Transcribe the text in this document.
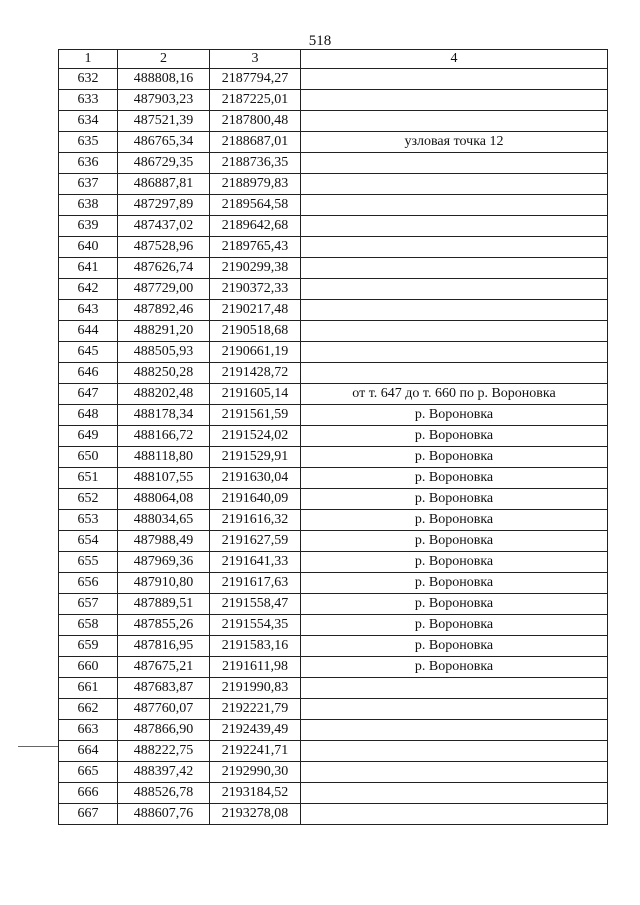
518
1	2	3	4
632	488808,16	2187794,27	
633	487903,23	2187225,01	
634	487521,39	2187800,48	
635	486765,34	2188687,01	узловая точка 12
636	486729,35	2188736,35	
637	486887,81	2188979,83	
638	487297,89	2189564,58	
639	487437,02	2189642,68	
640	487528,96	2189765,43	
641	487626,74	2190299,38	
642	487729,00	2190372,33	
643	487892,46	2190217,48	
644	488291,20	2190518,68	
645	488505,93	2190661,19	
646	488250,28	2191428,72	
647	488202,48	2191605,14	от т. 647 до т. 660 по р. Вороновка
648	488178,34	2191561,59	р. Вороновка
649	488166,72	2191524,02	р. Вороновка
650	488118,80	2191529,91	р. Вороновка
651	488107,55	2191630,04	р. Вороновка
652	488064,08	2191640,09	р. Вороновка
653	488034,65	2191616,32	р. Вороновка
654	487988,49	2191627,59	р. Вороновка
655	487969,36	2191641,33	р. Вороновка
656	487910,80	2191617,63	р. Вороновка
657	487889,51	2191558,47	р. Вороновка
658	487855,26	2191554,35	р. Вороновка
659	487816,95	2191583,16	р. Вороновка
660	487675,21	2191611,98	р. Вороновка
661	487683,87	2191990,83	
662	487760,07	2192221,79	
663	487866,90	2192439,49	
664	488222,75	2192241,71	
665	488397,42	2192990,30	
666	488526,78	2193184,52	
667	488607,76	2193278,08	
